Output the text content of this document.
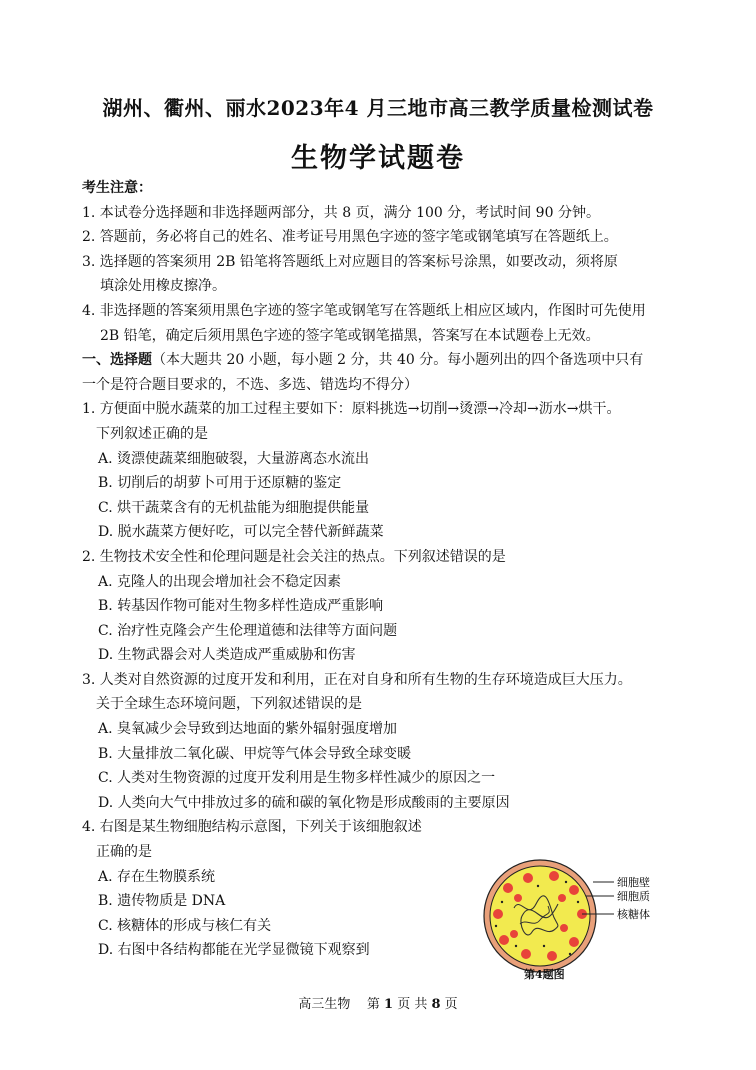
湖州、衢州、丽水2023年4 月三地市高三教学质量检测试卷
生物学试题卷
考生注意：
1. 本试卷分选择题和非选择题两部分，共 8 页，满分 100 分，考试时间 90 分钟。
2. 答题前，务必将自己的姓名、准考证号用黑色字迹的签字笔或钢笔填写在答题纸上。
3. 选择题的答案须用 2B 铅笔将答题纸上对应题目的答案标号涂黑，如要改动，须将原
填涂处用橡皮擦净。
4. 非选择题的答案须用黑色字迹的签字笔或钢笔写在答题纸上相应区域内，作图时可先使用
2B 铅笔，确定后须用黑色字迹的签字笔或钢笔描黑，答案写在本试题卷上无效。
一、选择题（本大题共 20 小题，每小题 2 分，共 40 分。每小题列出的四个备选项中只有
一个是符合题目要求的，不选、多选、错选均不得分）
1. 方便面中脱水蔬菜的加工过程主要如下：原料挑选→切削→烫漂→冷却→沥水→烘干。
下列叙述正确的是
A. 烫漂使蔬菜细胞破裂，大量游离态水流出
B. 切削后的胡萝卜可用于还原糖的鉴定
C. 烘干蔬菜含有的无机盐能为细胞提供能量
D. 脱水蔬菜方便好吃，可以完全替代新鲜蔬菜
2. 生物技术安全性和伦理问题是社会关注的热点。下列叙述错误的是
A. 克隆人的出现会增加社会不稳定因素
B. 转基因作物可能对生物多样性造成严重影响
C. 治疗性克隆会产生伦理道德和法律等方面问题
D. 生物武器会对人类造成严重威胁和伤害
3. 人类对自然资源的过度开发和利用，正在对自身和所有生物的生存环境造成巨大压力。
关于全球生态环境问题，下列叙述错误的是
A. 臭氧减少会导致到达地面的紫外辐射强度增加
B. 大量排放二氧化碳、甲烷等气体会导致全球变暖
C. 人类对生物资源的过度开发利用是生物多样性减少的原因之一
D. 人类向大气中排放过多的硫和碳的氧化物是形成酸雨的主要原因
4. 右图是某生物细胞结构示意图，下列关于该细胞叙述
正确的是
A. 存在生物膜系统
B. 遗传物质是 DNA
C. 核糖体的形成与核仁有关
D. 右图中各结构都能在光学显微镜下观察到
细胞壁
细胞质
核糖体
第4题图
高三生物 第 1 页 共 8 页
